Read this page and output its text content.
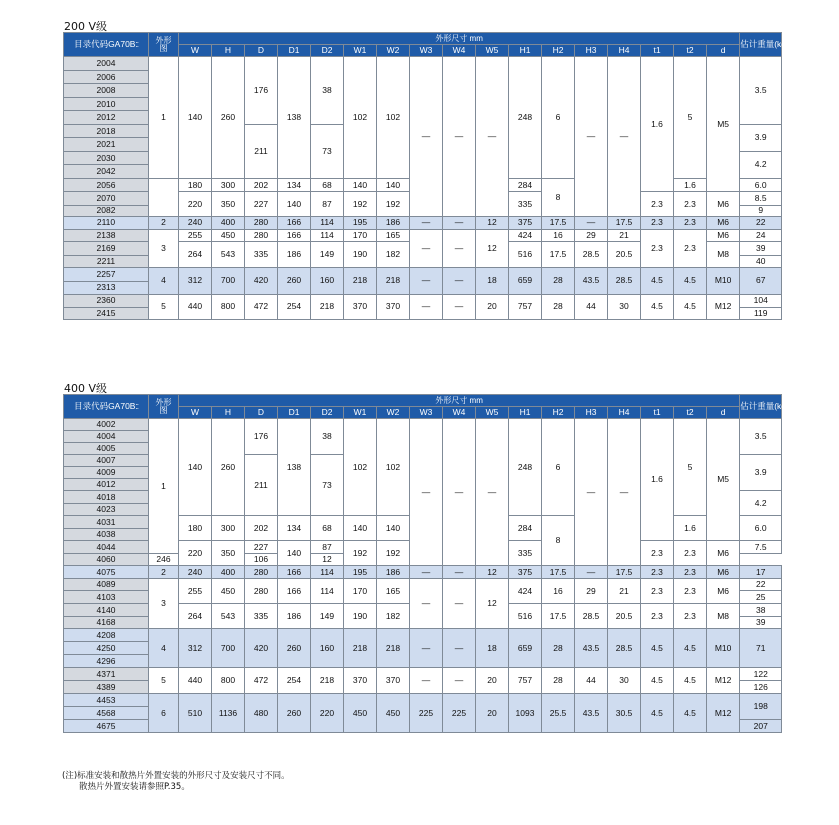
200 V级
目录代码GA70B⁚⁚	外形
图	外形尺寸 mm																	估计重量(kg)
		W	H	D	D1	D2	W1	W2	W3	W4	W5	H1	H2	H3	H4	t1	t2	d	
2004	1	140	260	176	138	38	102	102	—	—	—	248	6	—	—	1.6	5	M5	3.5
2006																			
2008																			
2010																			
2012																			
2018				211		73													3.9
2021																			
2030																			4.2
2042																			
2056		180	300	202	134	68	140	140				284	8				1.6		6.0
2070		220	350	227	140	87	192	192				335				2.3	2.3	M6	8.5
2082																			9
2110	2	240	400	280	166	114	195	186	—	—	12	375	17.5	—	17.5	2.3	2.3	M6	22
2138	3	255	450	280	166	114	170	165	—	—	12	424	16	29	21	2.3	2.3	M6	24
2169		264	543	335	186	149	190	182				516	17.5	28.5	20.5			M8	39
2211																			40
2257	4	312	700	420	260	160	218	218	—	—	18	659	28	43.5	28.5	4.5	4.5	M10	67
2313																			
2360	5	440	800	472	254	218	370	370	—	—	20	757	28	44	30	4.5	4.5	M12	104
2415																			119
400 V级
目录代码GA70B⁚⁚	外形
图	外形尺寸 mm																	估计重量(kg)
		W	H	D	D1	D2	W1	W2	W3	W4	W5	H1	H2	H3	H4	t1	t2	d	
4002	1	140	260	176	138	38	102	102	—	—	—	248	6	—	—	1.6	5	M5	3.5
4004																			
4005																			
4007				211		73													3.9
4009																			
4012																			
4018																			4.2
4023																			
4031		180	300	202	134	68	140	140				284	8				1.6		6.0
4038																			
4044		220	350	227	140	87	192	192				335				2.3	2.3	M6	7.5
4060	246			106		12													
4075	2	240	400	280	166	114	195	186	—	—	12	375	17.5	—	17.5	2.3	2.3	M6	17
4089	3	255	450	280	166	114	170	165	—	—	12	424	16	29	21	2.3	2.3	M6	22
4103																			25
4140		264	543	335	186	149	190	182				516	17.5	28.5	20.5	2.3	2.3	M8	38
4168																			39
4208	4	312	700	420	260	160	218	218	—	—	18	659	28	43.5	28.5	4.5	4.5	M10	71
4250																			
4296																			
4371	5	440	800	472	254	218	370	370	—	—	20	757	28	44	30	4.5	4.5	M12	122
4389																			126
4453	6	510	1136	480	260	220	450	450	225	225	20	1093	25.5	43.5	30.5	4.5	4.5	M12	198
4568																			
4675																			207
(注)标准安装和散热片外置安装的外形尺寸及安装尺寸不同。
散热片外置安装请参照P.35。
